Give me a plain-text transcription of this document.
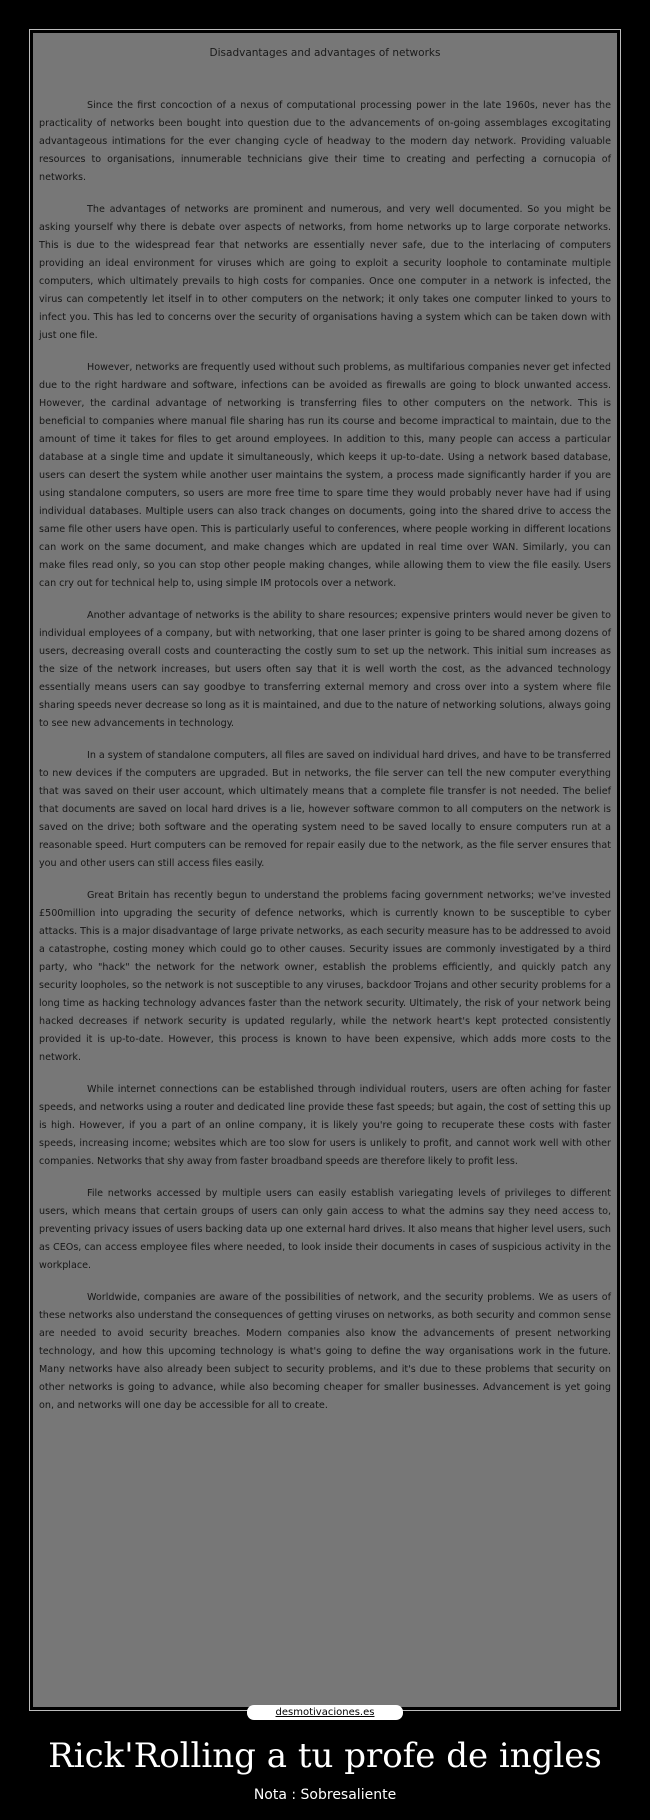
Disadvantages and advantages of networks

Since the first concoction of a nexus of computational processing power in the late 1960s, never has the practicality of networks been bought into question due to the advancements of on-going assemblages excogitating advantageous intimations for the ever changing cycle of headway to the modern day network. Providing valuable resources to organisations, innumerable technicians give their time to creating and perfecting a cornucopia of networks.

The advantages of networks are prominent and numerous, and very well documented. So you might be asking yourself why there is debate over aspects of networks, from home networks up to large corporate networks. This is due to the widespread fear that networks are essentially never safe, due to the interlacing of computers providing an ideal environment for viruses which are going to exploit a security loophole to contaminate multiple computers, which ultimately prevails to high costs for companies. Once one computer in a network is infected, the virus can competently let itself in to other computers on the network; it only takes one computer linked to yours to infect you. This has led to concerns over the security of organisations having a system which can be taken down with just one file.

However, networks are frequently used without such problems, as multifarious companies never get infected due to the right hardware and software, infections can be avoided as firewalls are going to block unwanted access. However, the cardinal advantage of networking is transferring files to other computers on the network. This is beneficial to companies where manual file sharing has run its course and become impractical to maintain, due to the amount of time it takes for files to get around employees. In addition to this, many people can access a particular database at a single time and update it simultaneously, which keeps it up-to-date. Using a network based database, users can desert the system while another user maintains the system, a process made significantly harder if you are using standalone computers, so users are more free time to spare time they would probably never have had if using individual databases. Multiple users can also track changes on documents, going into the shared drive to access the same file other users have open. This is particularly useful to conferences, where people working in different locations can work on the same document, and make changes which are updated in real time over WAN. Similarly, you can make files read only, so you can stop other people making changes, while allowing them to view the file easily. Users can cry out for technical help to, using simple IM protocols over a network.

Another advantage of networks is the ability to share resources; expensive printers would never be given to individual employees of a company, but with networking, that one laser printer is going to be shared among dozens of users, decreasing overall costs and counteracting the costly sum to set up the network. This initial sum increases as the size of the network increases, but users often say that it is well worth the cost, as the advanced technology essentially means users can say goodbye to transferring external memory and cross over into a system where file sharing speeds never decrease so long as it is maintained, and due to the nature of networking solutions, always going to see new advancements in technology.

In a system of standalone computers, all files are saved on individual hard drives, and have to be transferred to new devices if the computers are upgraded. But in networks, the file server can tell the new computer everything that was saved on their user account, which ultimately means that a complete file transfer is not needed. The belief that documents are saved on local hard drives is a lie, however software common to all computers on the network is saved on the drive; both software and the operating system need to be saved locally to ensure computers run at a reasonable speed. Hurt computers can be removed for repair easily due to the network, as the file server ensures that you and other users can still access files easily.

Great Britain has recently begun to understand the problems facing government networks; we've invested £500million into upgrading the security of defence networks, which is currently known to be susceptible to cyber attacks. This is a major disadvantage of large private networks, as each security measure has to be addressed to avoid a catastrophe, costing money which could go to other causes. Security issues are commonly investigated by a third party, who "hack" the network for the network owner, establish the problems efficiently, and quickly patch any security loopholes, so the network is not susceptible to any viruses, backdoor Trojans and other security problems for a long time as hacking technology advances faster than the network security. Ultimately, the risk of your network being hacked decreases if network security is updated regularly, while the network heart's kept protected consistently provided it is up-to-date. However, this process is known to have been expensive, which adds more costs to the network.

While internet connections can be established through individual routers, users are often aching for faster speeds, and networks using a router and dedicated line provide these fast speeds; but again, the cost of setting this up is high. However, if you a part of an online company, it is likely you're going to recuperate these costs with faster speeds, increasing income; websites which are too slow for users is unlikely to profit, and cannot work well with other companies. Networks that shy away from faster broadband speeds are therefore likely to profit less.

File networks accessed by multiple users can easily establish variegating levels of privileges to different users, which means that certain groups of users can only gain access to what the admins say they need access to, preventing privacy issues of users backing data up one external hard drives. It also means that higher level users, such as CEOs, can access employee files where needed, to look inside their documents in cases of suspicious activity in the workplace.

Worldwide, companies are aware of the possibilities of network, and the security problems. We as users of these networks also understand the consequences of getting viruses on networks, as both security and common sense are needed to avoid security breaches. Modern companies also know the advancements of present networking technology, and how this upcoming technology is what's going to define the way organisations work in the future. Many networks have also already been subject to security problems, and it's due to these problems that security on other networks is going to advance, while also becoming cheaper for smaller businesses. Advancement is yet going on, and networks will one day be accessible for all to create.

desmotivaciones.es
Rick'Rolling a tu profe de ingles
Nota : Sobresaliente
